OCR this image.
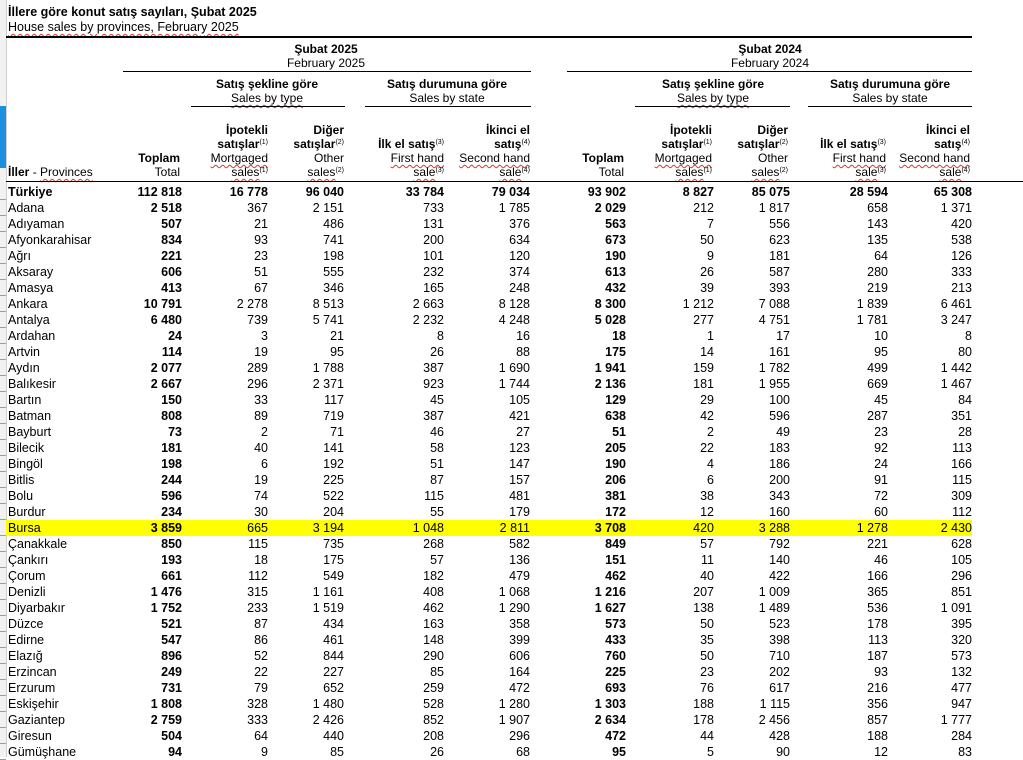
İllere göre konut satış sayıları, Şubat 2025
House sales by provinces, February 2025
Şubat 2025
February 2025
Şubat 2024
February 2024
Satış şekline göre
Sales by type
Satış durumuna göre
Sales by state
Satış şekline göre
Sales by type
Satış durumuna göre
Sales by state
İller - Provinces
Toplam
Total
İpotekli
satışlar$^{(1)}$
Mortgaged
sales$^{(1)}$
Diğer
satışlar$^{(2)}$
Other
sales$^{(2)}$
İlk el satış$^{(3)}$
First hand
sale$^{(3)}$
İkinci el
satış$^{(4)}$
Second hand
sale$^{(4)}$
Toplam
Total
İpotekli
satışlar$^{(1)}$
Mortgaged
sales$^{(1)}$
Diğer
satışlar$^{(2)}$
Other
sales$^{(2)}$
İlk el satış$^{(3)}$
First hand
sale$^{(3)}$
İkinci el
satış$^{(4)}$
Second hand
sale$^{(4)}$
Türkiye	112 818	16 778	96 040	33 784	79 034	93 902	8 827	85 075	28 594	65 308
Adana	2 518	367	2 151	733	1 785	2 029	212	1 817	658	1 371
Adıyaman	507	21	486	131	376	563	7	556	143	420
Afyonkarahisar	834	93	741	200	634	673	50	623	135	538
Ağrı	221	23	198	101	120	190	9	181	64	126
Aksaray	606	51	555	232	374	613	26	587	280	333
Amasya	413	67	346	165	248	432	39	393	219	213
Ankara	10 791	2 278	8 513	2 663	8 128	8 300	1 212	7 088	1 839	6 461
Antalya	6 480	739	5 741	2 232	4 248	5 028	277	4 751	1 781	3 247
Ardahan	24	3	21	8	16	18	1	17	10	8
Artvin	114	19	95	26	88	175	14	161	95	80
Aydın	2 077	289	1 788	387	1 690	1 941	159	1 782	499	1 442
Balıkesir	2 667	296	2 371	923	1 744	2 136	181	1 955	669	1 467
Bartın	150	33	117	45	105	129	29	100	45	84
Batman	808	89	719	387	421	638	42	596	287	351
Bayburt	73	2	71	46	27	51	2	49	23	28
Bilecik	181	40	141	58	123	205	22	183	92	113
Bingöl	198	6	192	51	147	190	4	186	24	166
Bitlis	244	19	225	87	157	206	6	200	91	115
Bolu	596	74	522	115	481	381	38	343	72	309
Burdur	234	30	204	55	179	172	12	160	60	112
Bursa	3 859	665	3 194	1 048	2 811	3 708	420	3 288	1 278	2 430
Çanakkale	850	115	735	268	582	849	57	792	221	628
Çankırı	193	18	175	57	136	151	11	140	46	105
Çorum	661	112	549	182	479	462	40	422	166	296
Denizli	1 476	315	1 161	408	1 068	1 216	207	1 009	365	851
Diyarbakır	1 752	233	1 519	462	1 290	1 627	138	1 489	536	1 091
Düzce	521	87	434	163	358	573	50	523	178	395
Edirne	547	86	461	148	399	433	35	398	113	320
Elazığ	896	52	844	290	606	760	50	710	187	573
Erzincan	249	22	227	85	164	225	23	202	93	132
Erzurum	731	79	652	259	472	693	76	617	216	477
Eskişehir	1 808	328	1 480	528	1 280	1 303	188	1 115	356	947
Gaziantep	2 759	333	2 426	852	1 907	2 634	178	2 456	857	1 777
Giresun	504	64	440	208	296	472	44	428	188	284
Gümüşhane	94	9	85	26	68	95	5	90	12	83
